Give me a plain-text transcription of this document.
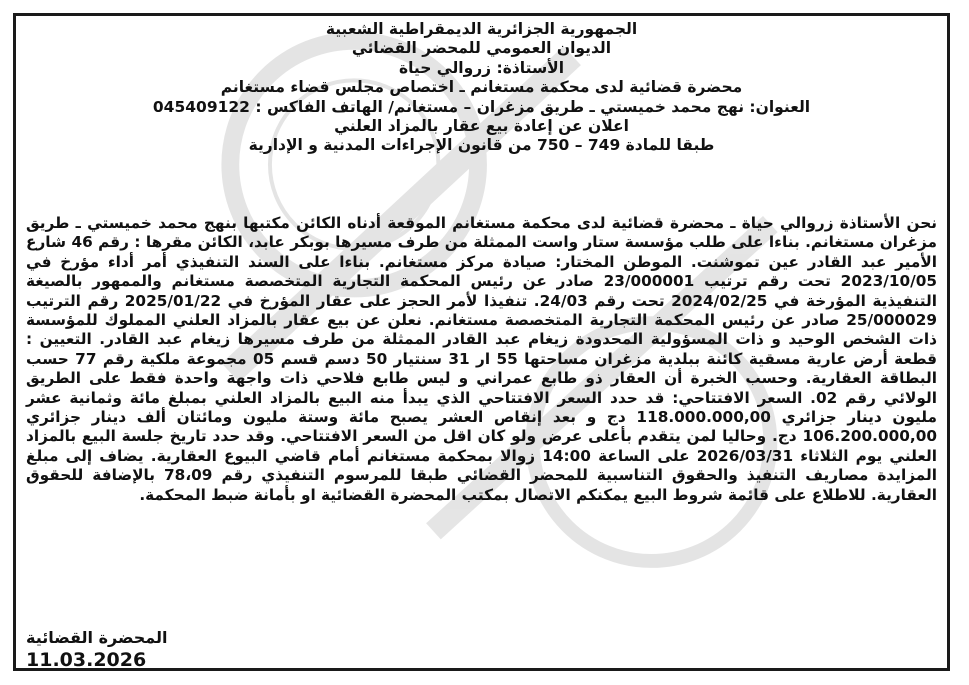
الجمهورية الجزائرية الديمقراطية الشعبية
الديوان العمومي للمحضر القضائي
الأستاذة: زروالي حياة
محضرة قضائية لدى محكمة مستغانم ـ اختصاص مجلس قضاء مستغانم
العنوان: نهج محمد خميستي ـ طريق مزغران – مستغانم/ الهاتف الفاكس : 045409122
اعلان عن إعادة بيع عقار بالمزاد العلني
طبقا للمادة 749 – 750 من قانون الإجراءات المدنية و الإدارية

نحن الأستاذة زروالي حياة ـ محضرة قضائية لدى محكمة مستغانم الموقعة أدناه الكائن مكتبها بنهج محمد خميستي ـ طريق مزغران مستغانم. بناءا على طلب مؤسسة ستار واست الممثلة من طرف مسيرها بوبكر عابد، الكائن مقرها : رقم 46 شارع الأمير عبد القادر عين تموشنت. الموطن المختار: صيادة مركز مستغانم. بناءا على السند التنفيذي أمر أداء مؤرخ في 2023/10/05 تحت رقم ترتيب 23/000001 صادر عن رئيس المحكمة التجارية المتخصصة مستغانم والممهور بالصيغة التنفيذية المؤرخة في 2024/02/25 تحت رقم 24/03. تنفيذا لأمر الحجز على عقار المؤرخ في 2025/01/22 رقم الترتيب 25/000029 صادر عن رئيس المحكمة التجارية المتخصصة مستغانم. نعلن عن بيع عقار بالمزاد العلني المملوك للمؤسسة ذات الشخص الوحيد و ذات المسؤولية المحدودة زيغام عبد القادر الممثلة من طرف مسيرها زيغام عبد القادر. التعيين : قطعة أرض عارية مسقية كائنة ببلدية مزغران مساحتها 55 ار 31 سنتيار 50 دسم قسم 05 مجموعة ملكية رقم 77 حسب البطاقة العقارية. وحسب الخبرة أن العقار ذو طابع عمراني و ليس طابع فلاحي ذات واجهة واحدة فقط على الطريق الولائي رقم 02. السعر الافتتاحي: قد حدد السعر الافتتاحي الذي يبدأ منه البيع بالمزاد العلني بمبلغ مائة وثمانية عشر مليون دينار جزائري 118.000.000,00 دج و بعد إنقاص العشر يصبح مائة وستة مليون ومائتان ألف دينار جزائري 106.200.000,00 دج. وحاليا لمن يتقدم بأعلى عرض ولو كان اقل من السعر الافتتاحي. وقد حدد تاريخ جلسة البيع بالمزاد العلني يوم الثلاثاء 2026/03/31 على الساعة 14:00 زوالا بمحكمة مستغانم أمام قاضي البيوع العقارية. يضاف إلى مبلغ المزايدة مصاريف التنفيذ والحقوق التناسبية للمحضر القضائي طبقا للمرسوم التنفيذي رقم 78،09 بالإضافة للحقوق العقارية. للاطلاع على قائمة شروط البيع يمكنكم الاتصال بمكتب المحضرة القضائية او بأمانة ضبط المحكمة.

المحضرة القضائية
11.03.2026
